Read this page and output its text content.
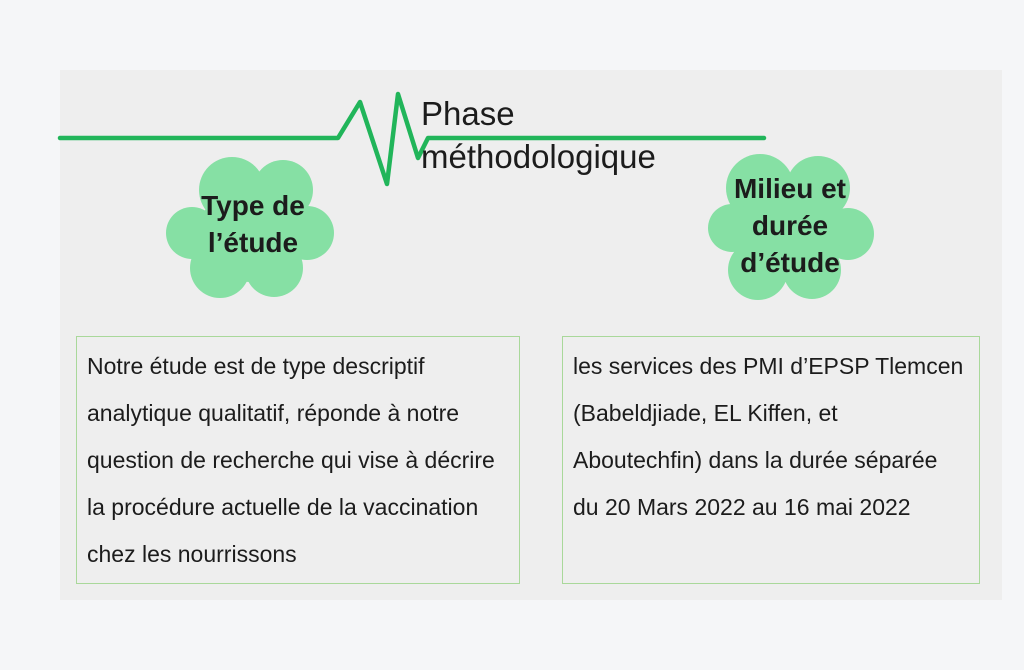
Phase méthodologique
Type de l’étude
Milieu et durée d’étude
Notre étude est de type descriptif analytique qualitatif, réponde à notre question de recherche qui vise à décrire la procédure actuelle de la vaccination chez les nourrissons
les services des PMI d’EPSP Tlemcen (Babeldjiade, EL Kiffen, et Aboutechfin) dans la durée séparée du 20 Mars 2022 au 16 mai 2022
